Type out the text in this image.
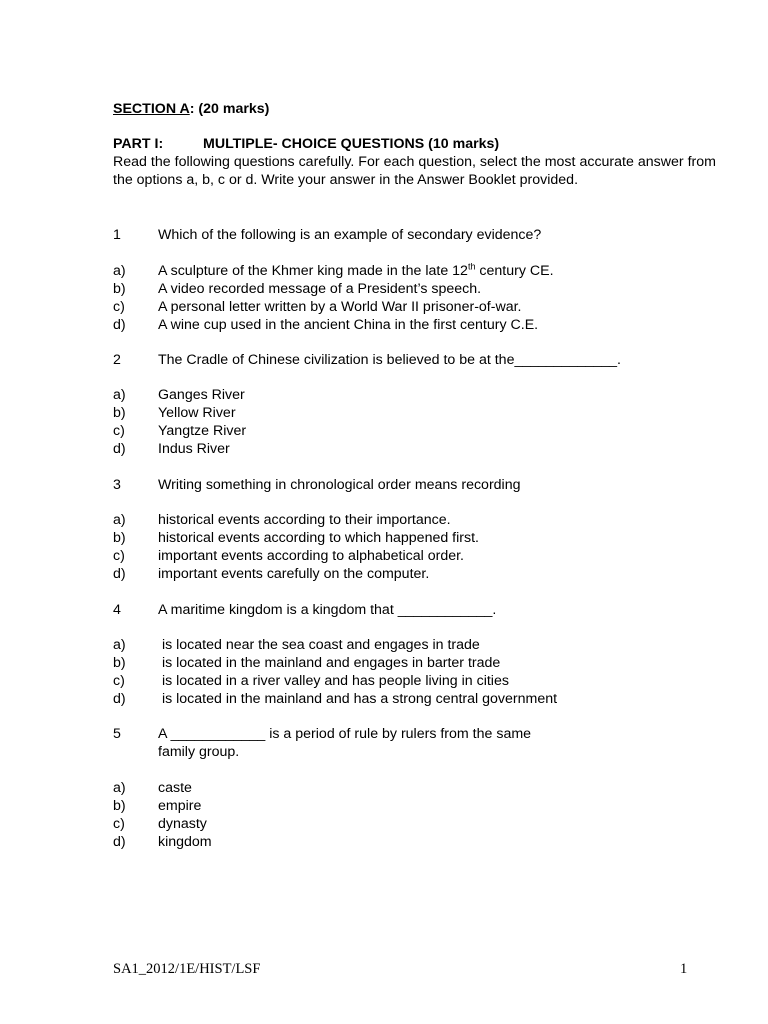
SECTION A: (20 marks)
PART I:	MULTIPLE- CHOICE QUESTIONS (10 marks)
Read the following questions carefully. For each question, select the most accurate answer from the options a, b, c or d. Write your answer in the Answer Booklet provided.
1	Which of the following is an example of secondary evidence?
a) A sculpture of the Khmer king made in the late 12th century CE.
b) A video recorded message of a President’s speech.
c) A personal letter written by a World War II prisoner-of-war.
d) A wine cup used in the ancient China in the first century C.E.
2	The Cradle of Chinese civilization is believed to be at the_____________.
a) Ganges River
b) Yellow River
c) Yangtze River
d) Indus River
3	Writing something in chronological order means recording
a) historical events according to their importance.
b) historical events according to which happened first.
c) important events according to alphabetical order.
d) important events carefully on the computer.
4	A maritime kingdom is a kingdom that ____________.
a) is located near the sea coast and engages in trade
b) is located in the mainland and engages in barter trade
c) is located in a river valley and has people living in cities
d) is located in the mainland and has a strong central government
5	A ____________ is a period of rule by rulers from the same
family group.
a) caste
b) empire
c) dynasty
d) kingdom
SA1_2012/1E/HIST/LSF	1
